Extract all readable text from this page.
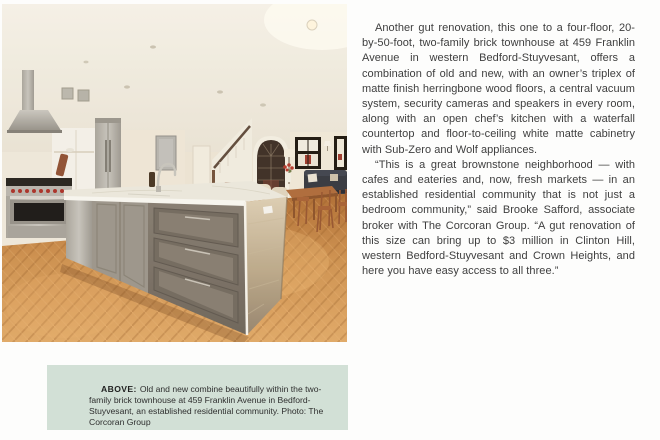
ABOVE: Old and new combine beautifully within the two-family brick townhouse at 459 Franklin Avenue in Bedford-Stuyvesant, an established residential community. Photo: The Corcoran Group

Another gut renovation, this one to a four-floor, 20-by-50-foot, two-family brick townhouse at 459 Franklin Avenue in western Bedford-Stuyvesant, offers a combination of old and new, with an owner’s triplex of matte finish herringbone wood floors, a central vacuum system, security cameras and speakers in every room, along with an open chef’s kitchen with a waterfall countertop and floor-to-ceiling white matte cabinetry with Sub-Zero and Wolf appliances.

“This is a great brownstone neighborhood — with cafes and eateries and, now, fresh markets — in an established residential community that is not just a bedroom community,” said Brooke Safford, associate broker with The Corcoran Group. “A gut renovation of this size can bring up to $3 million in Clinton Hill, western Bedford-Stuyvesant and Crown Heights, and here you have easy access to all three.”
